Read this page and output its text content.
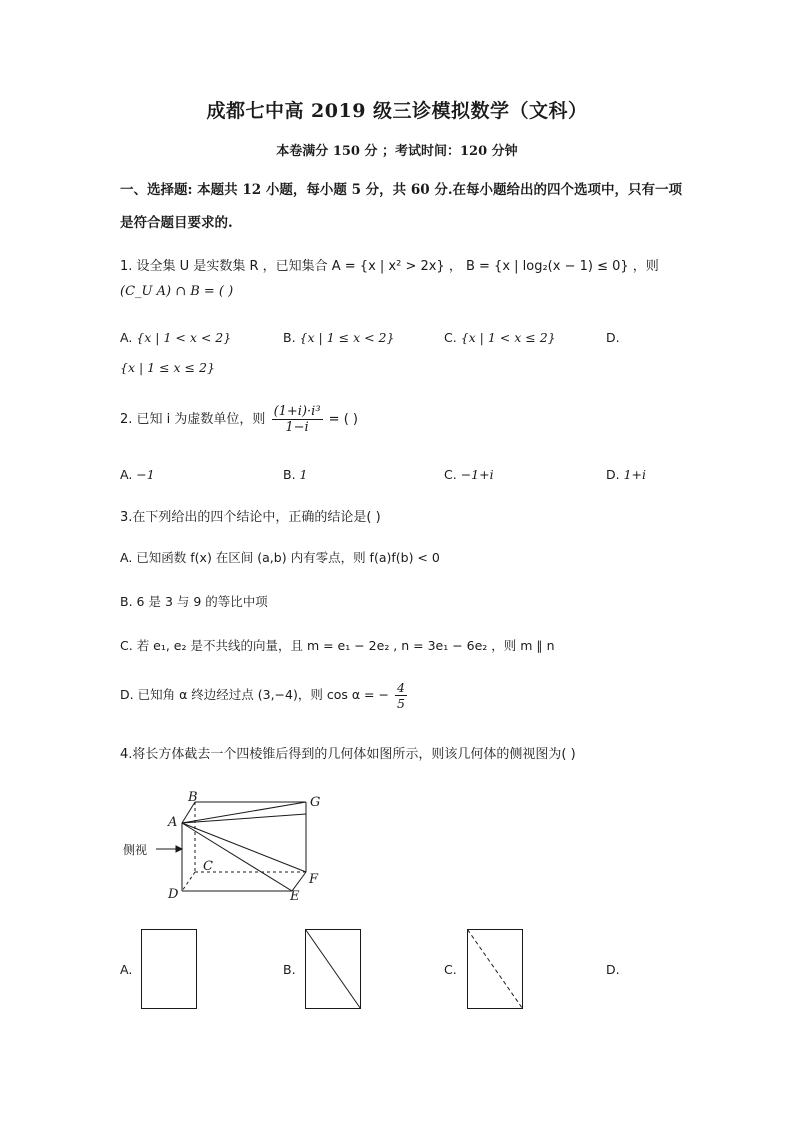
成都七中高 2019 级三诊模拟数学（文科）
本卷满分 150 分 ；考试时间：120 分钟
一、选择题: 本题共 12 小题，每小题 5 分，共 60 分.在每小题给出的四个选项中，只有一项
是符合题目要求的.
1. 设全集 U 是实数集 R ，已知集合 A = {x | x² > 2x} ， B = {x | log₂(x − 1) ≤ 0} ，则
(C_U A) ∩ B = ( )
A. {x | 1 < x < 2}	B. {x | 1 ≤ x < 2}	C. {x | 1 < x ≤ 2}	D.
{x | 1 ≤ x ≤ 2}
2. 已知 i 为虚数单位，则 $\frac{\text{(1+i)·i³}}{1-i}$ = ( )
A. −1	B. 1	C. −1+i	D. 1+i
3.在下列给出的四个结论中，正确的结论是( )
A. 已知函数 f(x) 在区间 (a,b) 内有零点，则 f(a)f(b) < 0
B. 6 是 3 与 9 的等比中项
C. 若 e₁, e₂ 是不共线的向量，且 m = e₁ − 2e₂ , n = 3e₁ − 6e₂ ，则 m ∥ n
D. 已知角 α 终边经过点 (3,−4)，则 cos α = − $\frac{4}{5}$
4.将长方体截去一个四棱锥后得到的几何体如图所示，则该几何体的侧视图为( )
B	G
A
C
F
D	E
侧视
A.	B.	C.	D.
